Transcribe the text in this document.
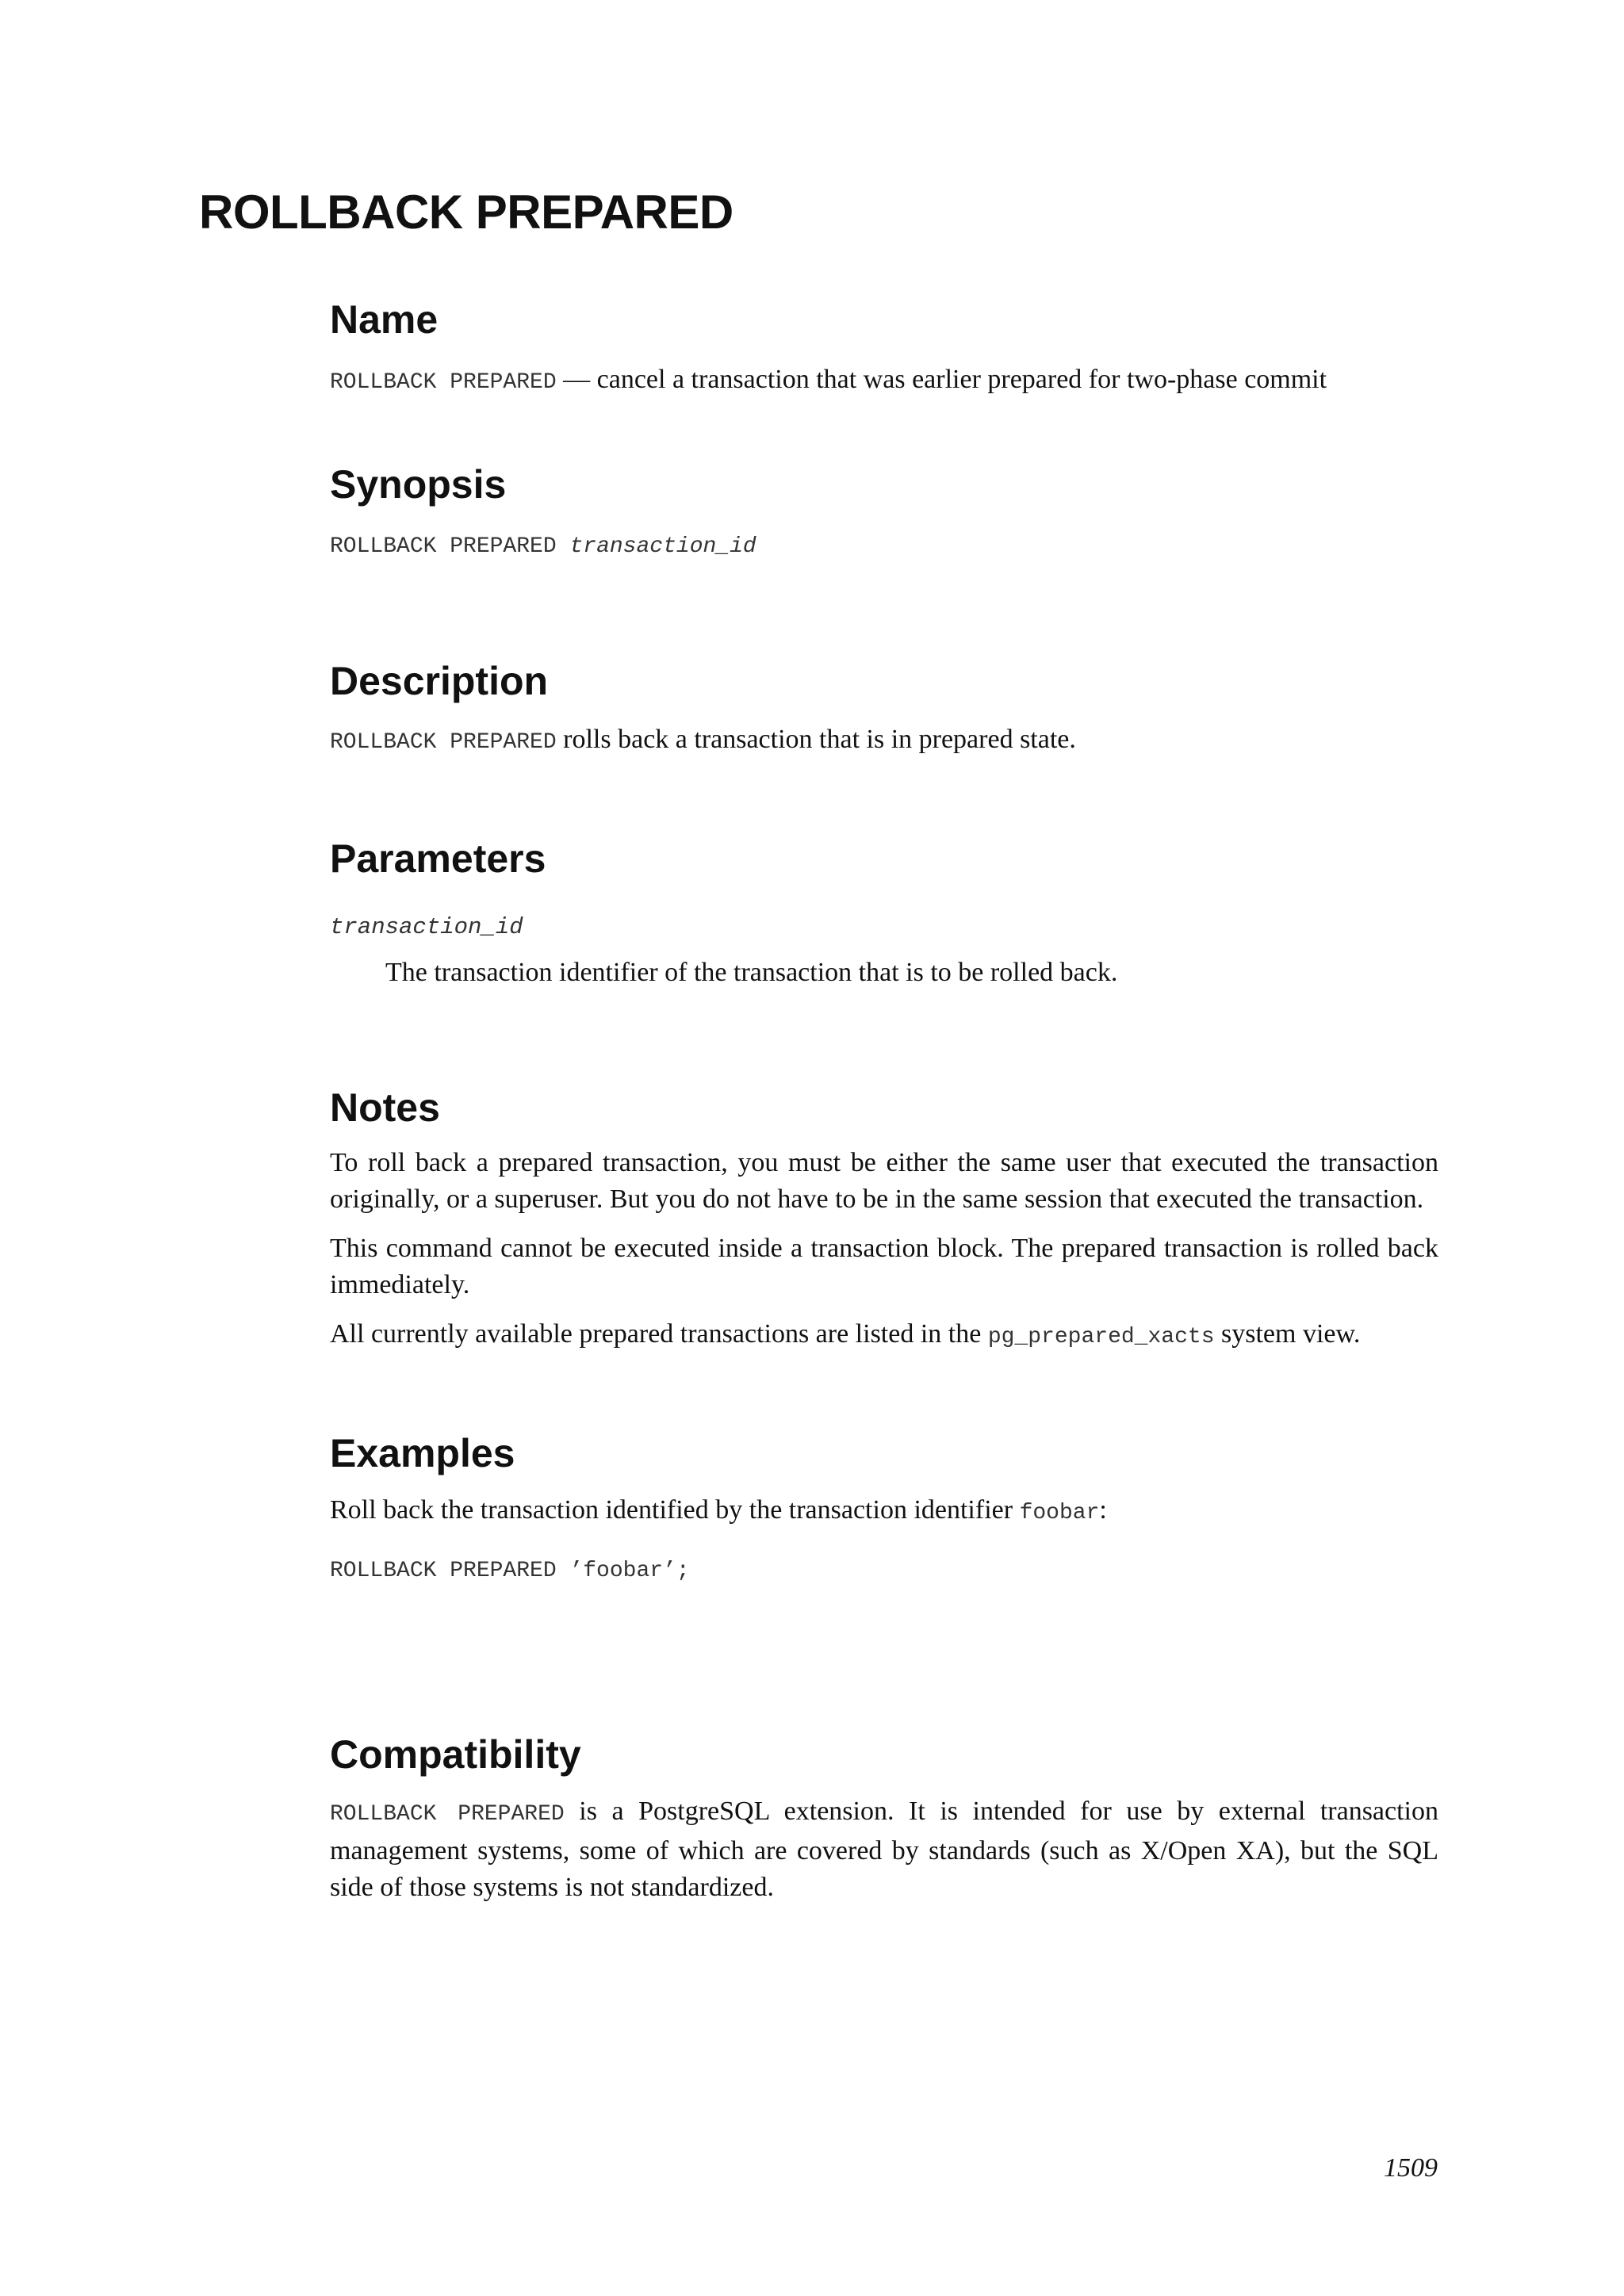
ROLLBACK PREPARED
Name

ROLLBACK PREPARED — cancel a transaction that was earlier prepared for two-phase commit

Synopsis

ROLLBACK PREPARED transaction_id

Description

ROLLBACK PREPARED rolls back a transaction that is in prepared state.

Parameters
transaction_id

The transaction identifier of the transaction that is to be rolled back.

Notes

To roll back a prepared transaction, you must be either the same user that executed the transaction originally, or a superuser. But you do not have to be in the same session that executed the transaction.

This command cannot be executed inside a transaction block. The prepared transaction is rolled back immediately.

All currently available prepared transactions are listed in the pg_prepared_xacts system view.

Examples

Roll back the transaction identified by the transaction identifier foobar:

ROLLBACK PREPARED ’foobar’;

Compatibility

ROLLBACK PREPARED is a PostgreSQL extension. It is intended for use by external transaction management systems, some of which are covered by standards (such as X/Open XA), but the SQL side of those systems is not standardized.

1509
